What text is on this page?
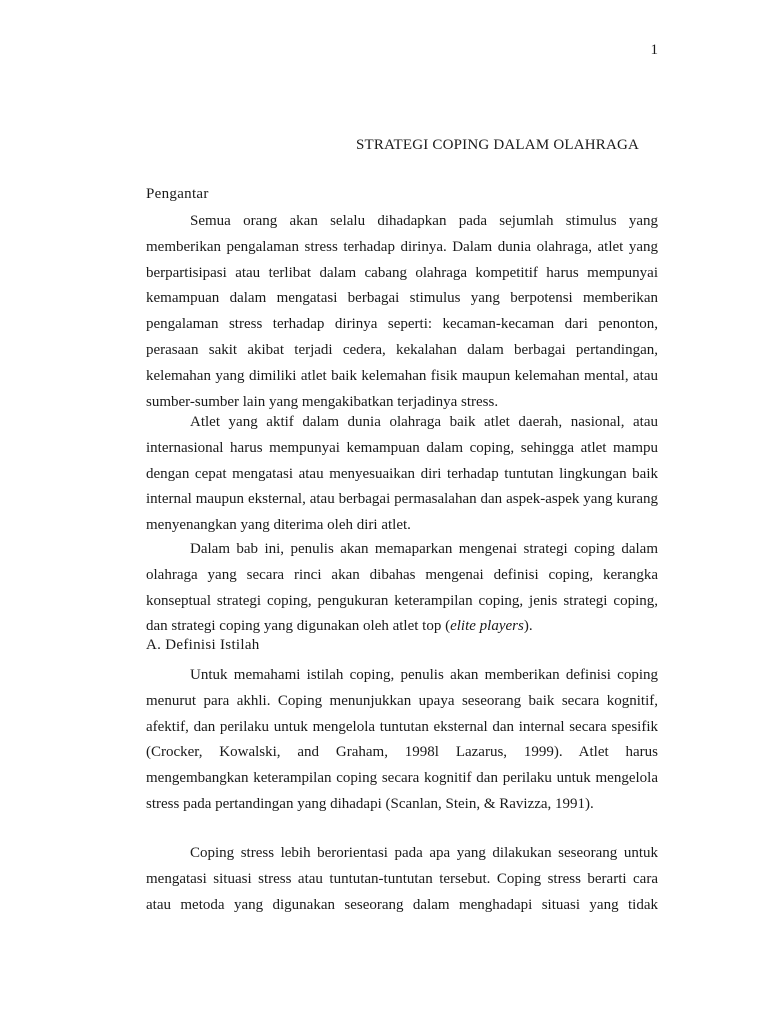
1
STRATEGI COPING DALAM OLAHRAGA
Pengantar

Semua orang akan selalu dihadapkan pada sejumlah stimulus yang memberikan pengalaman stress terhadap dirinya. Dalam dunia olahraga, atlet yang berpartisipasi atau terlibat dalam cabang olahraga kompetitif harus mempunyai kemampuan dalam mengatasi berbagai stimulus yang berpotensi memberikan pengalaman stress terhadap dirinya seperti: kecaman-kecaman dari penonton, perasaan sakit akibat terjadi cedera, kekalahan dalam berbagai pertandingan, kelemahan yang dimiliki atlet baik kelemahan fisik maupun kelemahan mental, atau sumber-sumber lain yang mengakibatkan terjadinya stress.

Atlet yang aktif dalam dunia olahraga baik atlet daerah, nasional, atau internasional harus mempunyai kemampuan dalam coping, sehingga atlet mampu dengan cepat mengatasi atau menyesuaikan diri terhadap tuntutan lingkungan baik internal maupun eksternal, atau berbagai permasalahan dan aspek-aspek yang kurang menyenangkan yang diterima oleh diri atlet.

Dalam bab ini, penulis akan memaparkan mengenai strategi coping dalam olahraga yang secara rinci akan dibahas mengenai definisi coping, kerangka konseptual strategi coping, pengukuran keterampilan coping, jenis strategi coping, dan strategi coping yang digunakan oleh atlet top (elite players).

A. Definisi Istilah

Untuk memahami istilah coping, penulis akan memberikan definisi coping menurut para akhli. Coping menunjukkan upaya seseorang baik secara kognitif, afektif, dan perilaku untuk mengelola tuntutan eksternal dan internal secara spesifik (Crocker, Kowalski, and Graham, 1998l Lazarus, 1999). Atlet harus mengembangkan keterampilan coping secara kognitif dan perilaku untuk mengelola stress pada pertandingan yang dihadapi (Scanlan, Stein, & Ravizza, 1991).

Coping stress lebih berorientasi pada apa yang dilakukan seseorang untuk mengatasi situasi stress atau tuntutan-tuntutan tersebut. Coping stress berarti cara atau metoda yang digunakan seseorang dalam menghadapi situasi yang tidak
